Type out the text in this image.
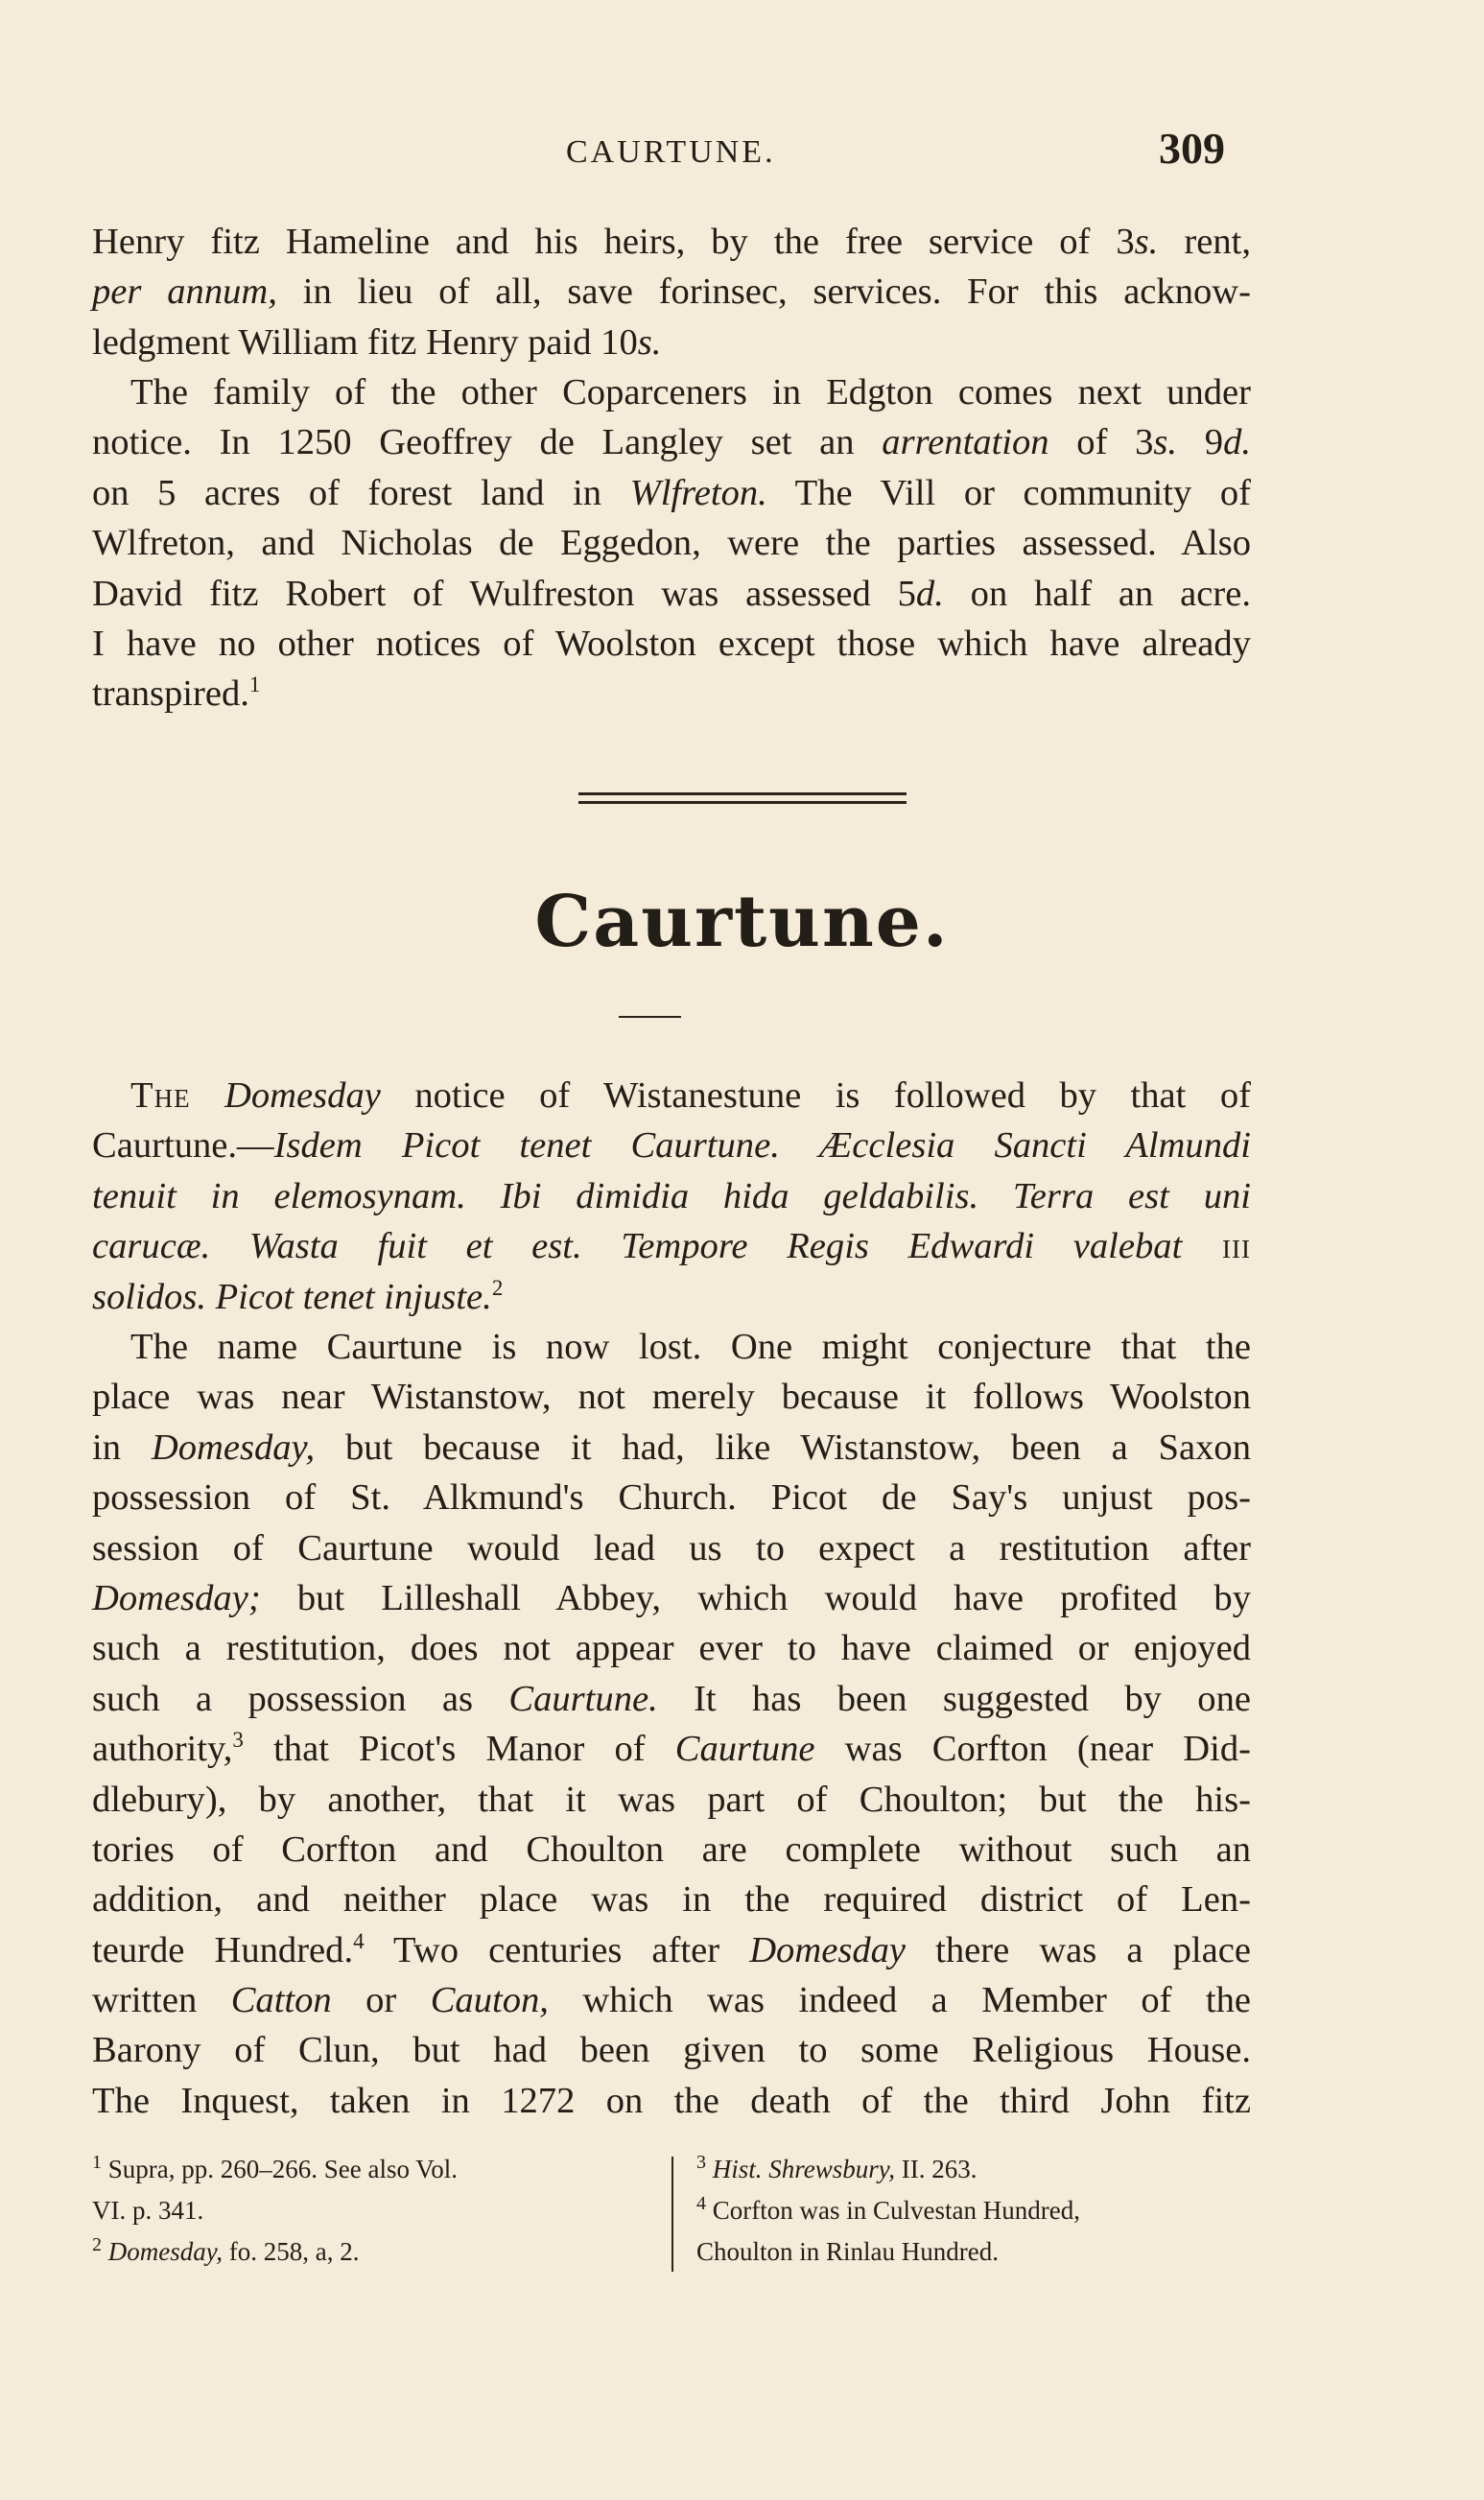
CAURTUNE.	309
Henry fitz Hameline and his heirs, by the free service of 3s. rent,
per annum, in lieu of all, save forinsec, services. For this acknow-
ledgment William fitz Henry paid 10s.
The family of the other Coparceners in Edgton comes next under
notice. In 1250 Geoffrey de Langley set an arrentation of 3s. 9d.
on 5 acres of forest land in Wlfreton. The Vill or community of
Wlfreton, and Nicholas de Eggedon, were the parties assessed. Also
David fitz Robert of Wulfreston was assessed 5d. on half an acre.
I have no other notices of Woolston except those which have already
transpired.$^1$
Caurtune.
The Domesday notice of Wistanestune is followed by that of
Caurtune.—Isdem Picot tenet Caurtune. Æcclesia Sancti Almundi
tenuit in elemosynam. Ibi dimidia hida geldabilis. Terra est uni
carucæ. Wasta fuit et est. Tempore Regis Edwardi valebat iii
solidos. Picot tenet injuste.$^2$
The name Caurtune is now lost. One might conjecture that the
place was near Wistanstow, not merely because it follows Woolston
in Domesday, but because it had, like Wistanstow, been a Saxon
possession of St. Alkmund's Church. Picot de Say's unjust pos-
session of Caurtune would lead us to expect a restitution after
Domesday; but Lilleshall Abbey, which would have profited by
such a restitution, does not appear ever to have claimed or enjoyed
such a possession as Caurtune. It has been suggested by one
authority,$^3$ that Picot's Manor of Caurtune was Corfton (near Did-
dlebury), by another, that it was part of Choulton; but the his-
tories of Corfton and Choulton are complete without such an
addition, and neither place was in the required district of Len-
teurde Hundred.$^4$ Two centuries after Domesday there was a place
written Catton or Cauton, which was indeed a Member of the
Barony of Clun, but had been given to some Religious House.
The Inquest, taken in 1272 on the death of the third John fitz
$^1$ Supra, pp. 260–266. See also Vol.
VI. p. 341.
$^2$ Domesday, fo. 258, a, 2.
$^3$ Hist. Shrewsbury, II. 263.
$^4$ Corfton was in Culvestan Hundred,
Choulton in Rinlau Hundred.
